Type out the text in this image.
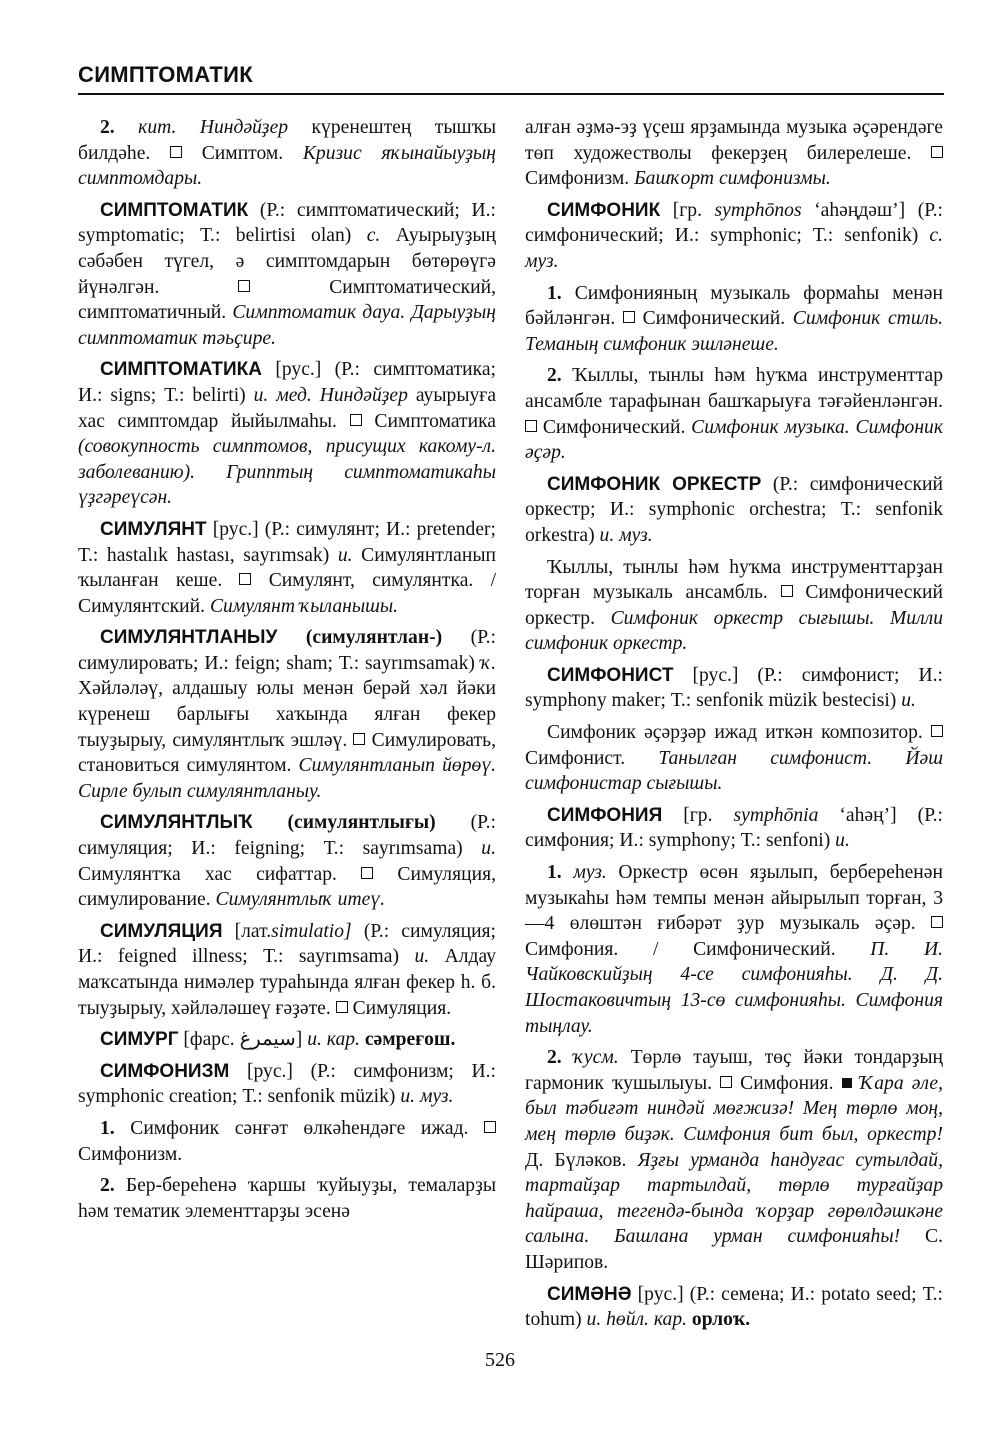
СИМПТОМАТИК

2. кит. Ниндәйҙер күренештең тышҡы билдәһе.	Симптом. Кризис яҡынайыуҙың симптомдары.

СИМПТОМАТИК (Р.: симптоматический; И.: symptomatic; Т.: belirtisi olan) с. Ауырыуҙың сәбәбен түгел, ә симптомдарын бөтөрөүгә йүнәлгән.	Симптоматический, симптоматичный. Симптоматик дауа. Дарыуҙың симптоматик тәьҫире.

СИМПТОМАТИКА [рус.] (Р.: симптоматика; И.: signs; Т.: belirti) и. мед. Ниндәйҙер ауырыуға хас симптомдар йыйылмаһы. Симптоматика (совокупность симптомов, присущих какому-л. заболеванию). Грипптың симптоматикаһы үҙгәреүсән.

СИМУЛЯНТ [рус.] (Р.: симулянт; И.: pretender; Т.: hastalık hastası, sayrımsak) и. Симулянтланып ҡыланған кеше. Симулянт, симулянтка. / Симулянтский. Симулянт ҡыланышы.

СИМУЛЯНТЛАНЫУ (симулянтлан-) (Р.: симулировать; И.: feign; sham; Т.: sayrımsamak) ҡ. Хәйләләү, алдашыу юлы менән берәй хәл йәки күренеш барлығы хаҡында ялған фекер тыуҙырыу, симулянтлыҡ эшләү. Симулировать, становиться симулянтом. Симулянтланып йөрөү. Сирле булып симулянтланыу.

СИМУЛЯНТЛЫҠ (симулянтлығы) (Р.: симуляция; И.: feigning; Т.: sayrımsama) и. Симулянтҡа хас сифаттар.	Симуляция, симулирование. Симулянтлыҡ итеү.

СИМУЛЯЦИЯ [лат.simulatio] (Р.: симуляция; И.: feigned illness; Т.: sayrımsama) и. Алдау маҡсатында нимәлер тураһында ялған фекер һ. б. тыуҙырыу, хәйләләшеү ғәҙәте. Симуляция.

СИМУРГ [фарс. سیمرغ] и. кар. сәмреғош.

СИМФОНИЗМ [рус.] (Р.: симфонизм; И.: symphonic creation; Т.: senfonik müzik) и. муз.

1. Симфоник сәнғәт өлкәһендәге ижад.  Симфонизм.

2. Бер-береһенә ҡаршы ҡуйыуҙы, темаларҙы һәм тематик элементтарҙы эсенә

алған әҙмә-эҙ үҫеш ярҙамында музыка әҫәрендәге төп художестволы фекерҙең билерелеше.  Симфонизм. Башҡорт симфонизмы.

СИМФОНИК [гр. symphōnos ‘аһәңдәш’] (Р.: симфонический; И.: symphonic; Т.: senfonik) с. муз.

1. Симфонияның музыкаль формаһы менән бәйләнгән. Симфонический. Симфоник стиль. Теманың симфоник эшләнеше.

2. Ҡыллы, тынлы һәм һуҡма инструменттар ансамбле тарафынан башҡарыуға тәғәйенләнгән.  Симфонический. Симфоник музыка. Симфоник әҫәр.

СИМФОНИК ОРКЕСТР (Р.: симфонический оркестр; И.: symphonic orchestra; Т.: senfonik orkestra) и. муз.

Ҡыллы, тынлы һәм һуҡма инструменттарҙан торған музыкаль ансамбль. Симфонический оркестр. Симфоник оркестр сығышы. Милли симфоник оркестр.

СИМФОНИСТ [рус.] (Р.: симфонист; И.: symphony maker; Т.: senfonik müzik bestecisi) и.

Симфоник әҫәрҙәр ижад иткән композитор.  Симфонист. Танылған симфонист. Йәш симфонистар сығышы.

СИМФОНИЯ [гр. symphōnia ‘аһәң’] (Р.: симфония; И.: symphony; Т.: senfoni) и.

1. муз. Оркестр өсөн яҙылып, бербереһенән музыкаһы һәм темпы менән айырылып торған, 3—4 өлөштән ғибәрәт ҙур музыкаль әҫәр.  Симфония. / Симфонический. П. И. Чайковскийҙың 4-се симфонияһы. Д. Д. Шостаковичтың 13-сө симфонияһы. Симфония тыңлау.

2. ҡусм. Төрлө тауыш, төҫ йәки тондарҙың гармоник ҡушылыуы. Симфония. Ҡара әле, был тәбиғәт ниндәй мөғжизә! Мең төрлө моң, мең төрлө биҙәк. Симфония бит был, оркестр! Д. Бүләков. Яҙғы урманда һандуғас сутылдай, тартайҙар тартылдай, төрлө турғайҙар һайраша, тегендә-бында ҡорҙар гөрөлдәшкәне салына. Башлана урман симфонияһы! С. Шәрипов.

СИМӘНӘ [рус.] (Р.: семена; И.: potato seed; Т.: tohum) и. һөйл. кар. орлоҡ.

526
